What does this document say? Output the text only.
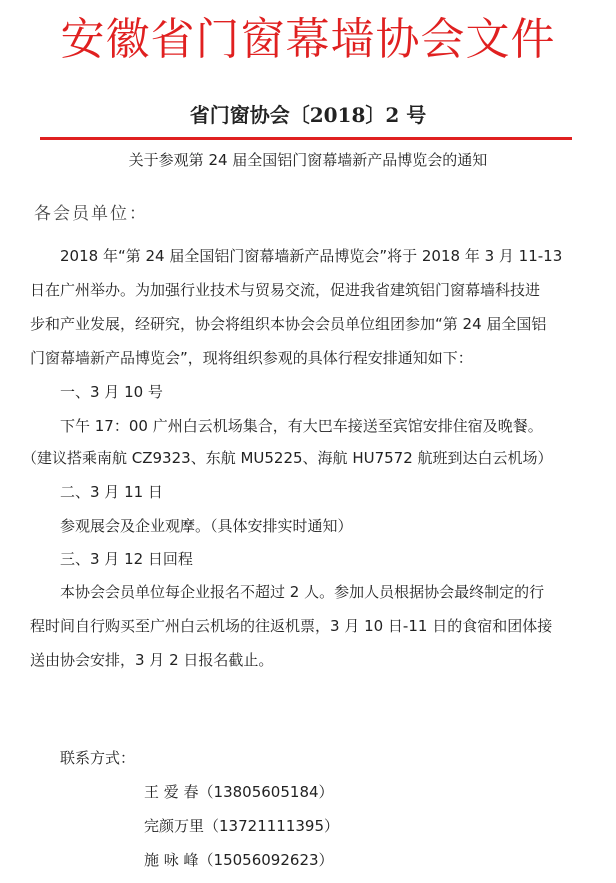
安徽省门窗幕墙协会文件
省门窗协会〔2018〕2 号
关于参观第 24 届全国铝门窗幕墙新产品博览会的通知
各会员单位：
2018 年“第 24 届全国铝门窗幕墙新产品博览会”将于 2018 年 3 月 11-13
日在广州举办。为加强行业技术与贸易交流，促进我省建筑铝门窗幕墙科技进
步和产业发展，经研究，协会将组织本协会会员单位组团参加“第 24 届全国铝
门窗幕墙新产品博览会”，现将组织参观的具体行程安排通知如下：
一、3 月 10 号
下午 17：00 广州白云机场集合，有大巴车接送至宾馆安排住宿及晚餐。
（建议搭乘南航 CZ9323、东航 MU5225、海航 HU7572 航班到达白云机场）
二、3 月 11 日
参观展会及企业观摩。（具体安排实时通知）
三、3 月 12 日回程
本协会会员单位每企业报名不超过 2 人。参加人员根据协会最终制定的行
程时间自行购买至广州白云机场的往返机票，3 月 10 日-11 日的食宿和团体接
送由协会安排，3 月 2 日报名截止。
联系方式：
王 爱 春（13805605184）
完颜万里（13721111395）
施 咏 峰（15056092623）
